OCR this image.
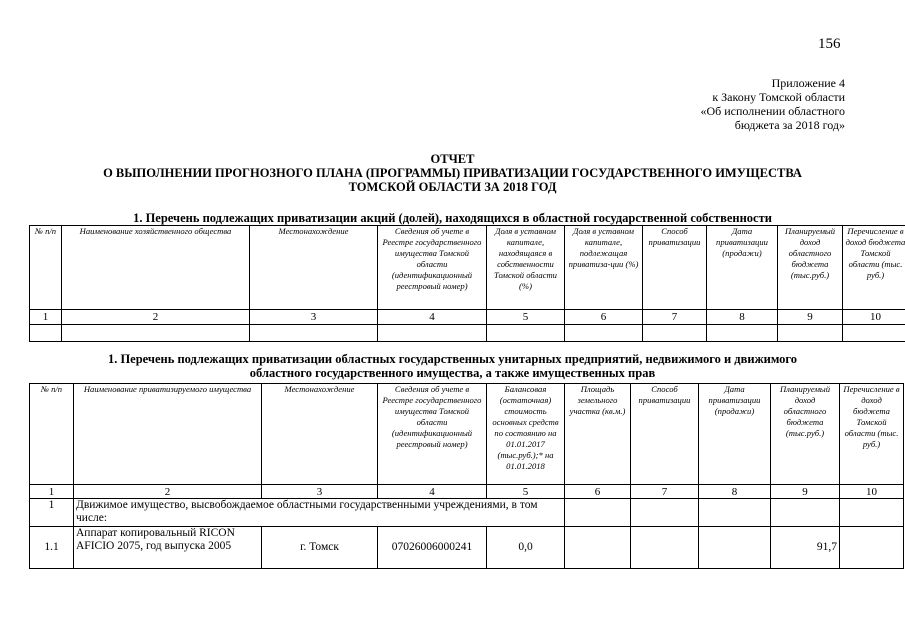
156
Приложение 4
к Закону Томской области
«Об исполнении областного
бюджета за 2018 год»
ОТЧЕТ
О ВЫПОЛНЕНИИ ПРОГНОЗНОГО ПЛАНА (ПРОГРАММЫ) ПРИВАТИЗАЦИИ ГОСУДАРСТВЕННОГО ИМУЩЕСТВА
ТОМСКОЙ ОБЛАСТИ ЗА 2018 ГОД
1. Перечень подлежащих приватизации акций (долей), находящихся в областной государственной собственности
№ п/п	Наименование хозяйственного общества	Местонахождение	Сведения об учете в Реестре государственного имущества Томской области (идентификационный реестровый номер)	Доля в уставном капитале, находящаяся в собственности Томской области (%)	Доля в уставном капитале, подлежащая приватиза-ции (%)	Способ приватизации	Дата приватизации (продажи)	Планируемый доход областного бюджета (тыс.руб.)	Перечисление в доход бюджета Томской области (тыс. руб.)
1	2	3	4	5	6	7	8	9	10

1. Перечень подлежащих приватизации областных государственных унитарных предприятий, недвижимого и движимого
областного государственного имущества, а также имущественных прав
№ п/п	Наименование приватизируемого имущества	Местонахождение	Сведения об учете в Реестре государственного имущества Томской области (идентификационный реестровый номер)	Балансовая (остаточная) стоимость основных средств по состоянию на 01.01.2017 (тыс.руб.);* на 01.01.2018	Площадь земельного участка (кв.м.)	Способ приватизации	Дата приватизации (продажи)	Планируемый доход областного бюджета (тыс.руб.)	Перечисление в доход бюджета Томской области (тыс. руб.)
1	2	3	4	5	6	7	8	9	10
1	Движимое имущество, высвобождаемое областными государственными учреждениями, в том числе:								
1.1	Аппарат копировальный RICON AFICIO 2075, год выпуска 2005	г. Томск	07026006000241	0,0				91,7	
